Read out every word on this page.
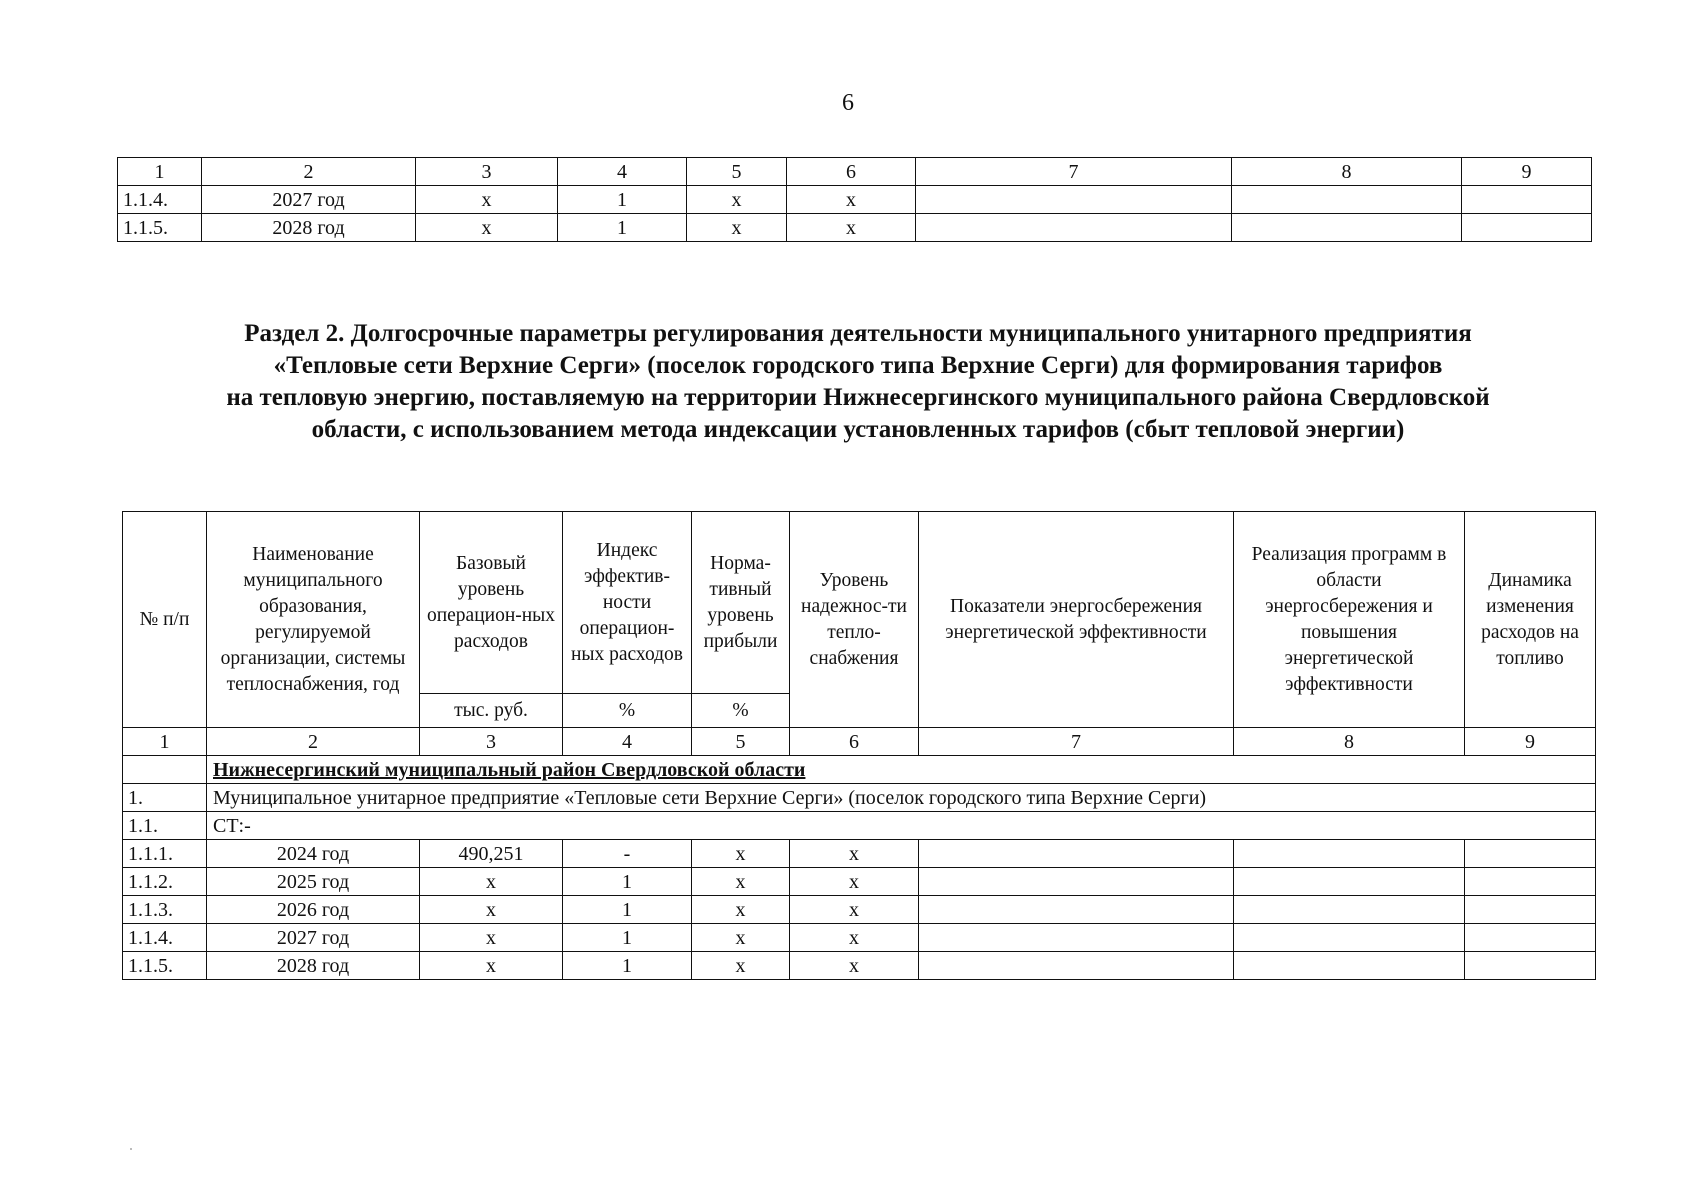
6
1	2	3	4	5	6	7	8	9
1.1.4.	2027 год	х	1	х	х			
1.1.5.	2028 год	х	1	х	х			
Раздел 2. Долгосрочные параметры регулирования деятельности муниципального унитарного предприятия
«Тепловые сети Верхние Серги» (поселок городского типа Верхние Серги) для формирования тарифов
на тепловую энергию, поставляемую на территории Нижнесергинского муниципального района Свердловской
области, с использованием метода индексации установленных тарифов (сбыт тепловой энергии)
№ п/п	Наименование муниципального образования, регулируемой организации, системы теплоснабжения, год	Базовый уровень операцион-ных расходов	Индекс эффектив-ности операцион-ных расходов	Норма-тивный уровень прибыли	Уровень надежнос-ти тепло-снабжения	Показатели энергосбережения энергетической эффективности	Реализация программ в области энергосбережения и повышения энергетической эффективности	Динамика изменения расходов на топливо
		тыс. руб.	%	%				
1	2	3	4	5	6	7	8	9
	Нижнесергинский муниципальный район Свердловской области							
1.	Муниципальное унитарное предприятие «Тепловые сети Верхние Серги» (поселок городского типа Верхние Серги)							
1.1.	СТ:-							
1.1.1.	2024 год	490,251	-	х	х			
1.1.2.	2025 год	х	1	х	х			
1.1.3.	2026 год	х	1	х	х			
1.1.4.	2027 год	х	1	х	х			
1.1.5.	2028 год	х	1	х	х			
